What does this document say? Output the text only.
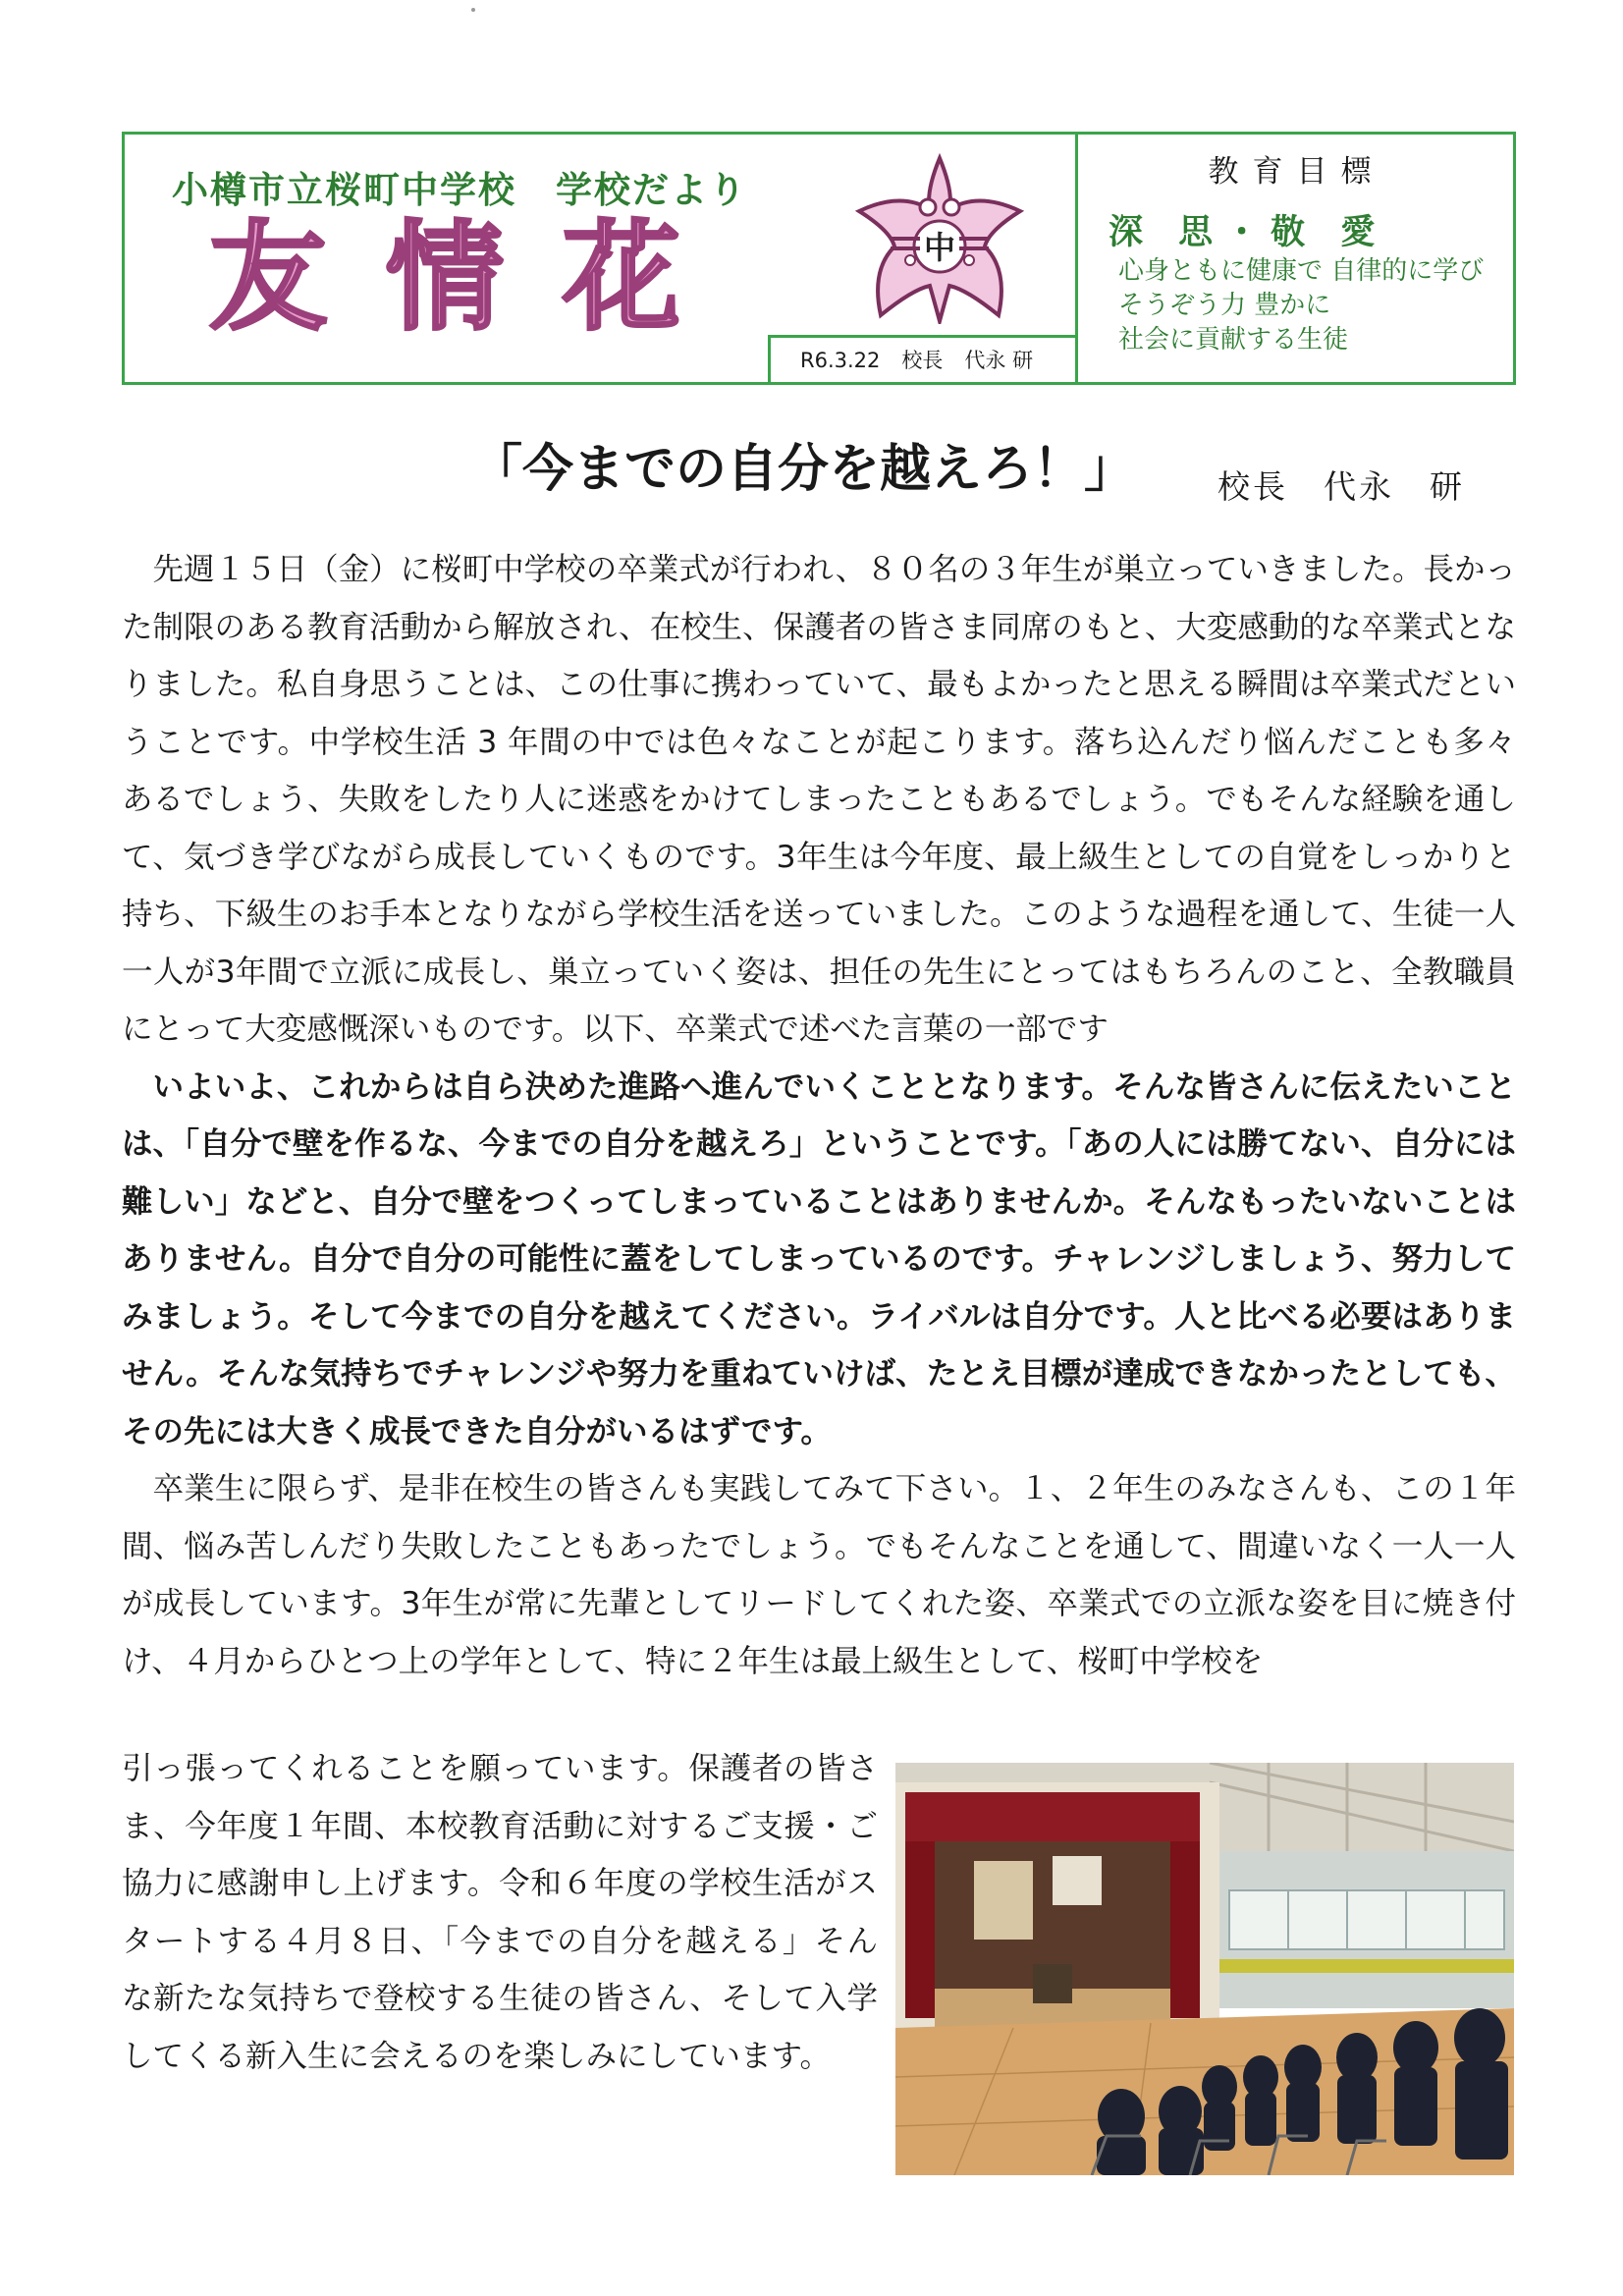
小樽市立桜町中学校 学校だより
友情花	中
R6.3.22 校長 代永 研
教育目標
深 思・敬 愛
心身ともに健康で 自律的に学び
そうぞう力 豊かに
社会に貢献する生徒
「今までの自分を越えろ！」	校長　代永　研

先週１５日（金）に桜町中学校の卒業式が行われ、８０名の３年生が巣立っていきました。長かった制限のある教育活動から解放され、在校生、保護者の皆さま同席のもと、大変感動的な卒業式となりました。私自身思うことは、この仕事に携わっていて、最もよかったと思える瞬間は卒業式だということです。中学校生活 3 年間の中では色々なことが起こります。落ち込んだり悩んだことも多々あるでしょう、失敗をしたり人に迷惑をかけてしまったこともあるでしょう。でもそんな経験を通して、気づき学びながら成長していくものです。3年生は今年度、最上級生としての自覚をしっかりと持ち、下級生のお手本となりながら学校生活を送っていました。このような過程を通して、生徒一人一人が3年間で立派に成長し、巣立っていく姿は、担任の先生にとってはもちろんのこと、全教職員にとって大変感慨深いものです。以下、卒業式で述べた言葉の一部です

いよいよ、これからは自ら決めた進路へ進んでいくこととなります。そんな皆さんに伝えたいことは、「自分で壁を作るな、今までの自分を越えろ」ということです。「あの人には勝てない、自分には難しい」などと、自分で壁をつくってしまっていることはありませんか。そんなもったいないことはありません。自分で自分の可能性に蓋をしてしまっているのです。チャレンジしましょう、努力してみましょう。そして今までの自分を越えてください。ライバルは自分です。人と比べる必要はありません。そんな気持ちでチャレンジや努力を重ねていけば、たとえ目標が達成できなかったとしても、その先には大きく成長できた自分がいるはずです。

卒業生に限らず、是非在校生の皆さんも実践してみて下さい。１、２年生のみなさんも、この１年間、悩み苦しんだり失敗したこともあったでしょう。でもそんなことを通して、間違いなく一人一人が成長しています。3年生が常に先輩としてリードしてくれた姿、卒業式での立派な姿を目に焼き付け、４月からひとつ上の学年として、特に２年生は最上級生として、桜町中学校を

引っ張ってくれることを願っています。保護者の皆さま、今年度１年間、本校教育活動に対するご支援・ご協力に感謝申し上げます。令和６年度の学校生活がスタートする４月８日、「今までの自分を越える」そんな新たな気持ちで登校する生徒の皆さん、そして入学してくる新入生に会えるのを楽しみにしています。
